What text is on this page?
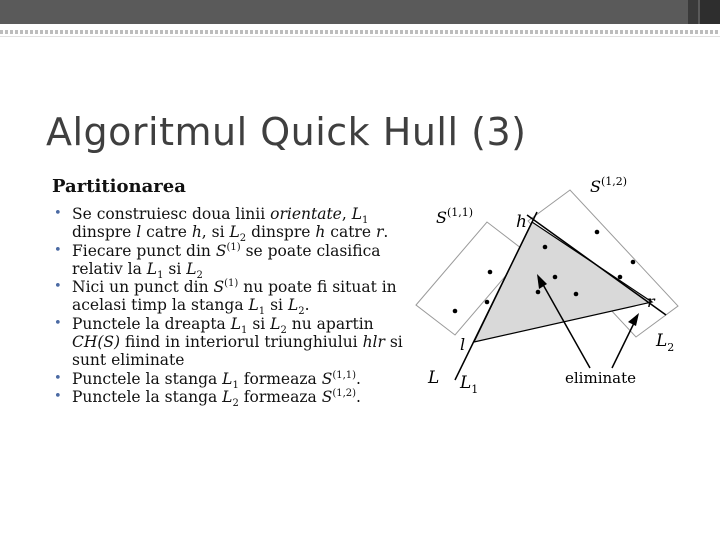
Algoritmul Quick Hull (3)

Partitionarea

• Se construiesc doua linii orientate, $L_1$ dinspre l catre h, si $L_2$ dinspre h catre r.
• Fiecare punct din $S^{(1)}$ se poate clasifica relativ la $L_1$ si $L_2$
• Nici un punct din $S^{(1)}$ nu poate fi situat in acelasi timp la stanga $L_1$ si $L_2$.
• Punctele la dreapta $L_1$ si $L_2$ nu apartin CH(S) fiind in interiorul triunghiului hlr si sunt eliminate
• Punctele la stanga $L_1$ formeaza S$^{(1,1)}$.
• Punctele la stanga $L_2$ formeaza S$^{(1,2)}$.
S$^{(1,2)}$
S$^{(1,1)}$	h
l
r
L $L_1$
$L_2$
eliminate
